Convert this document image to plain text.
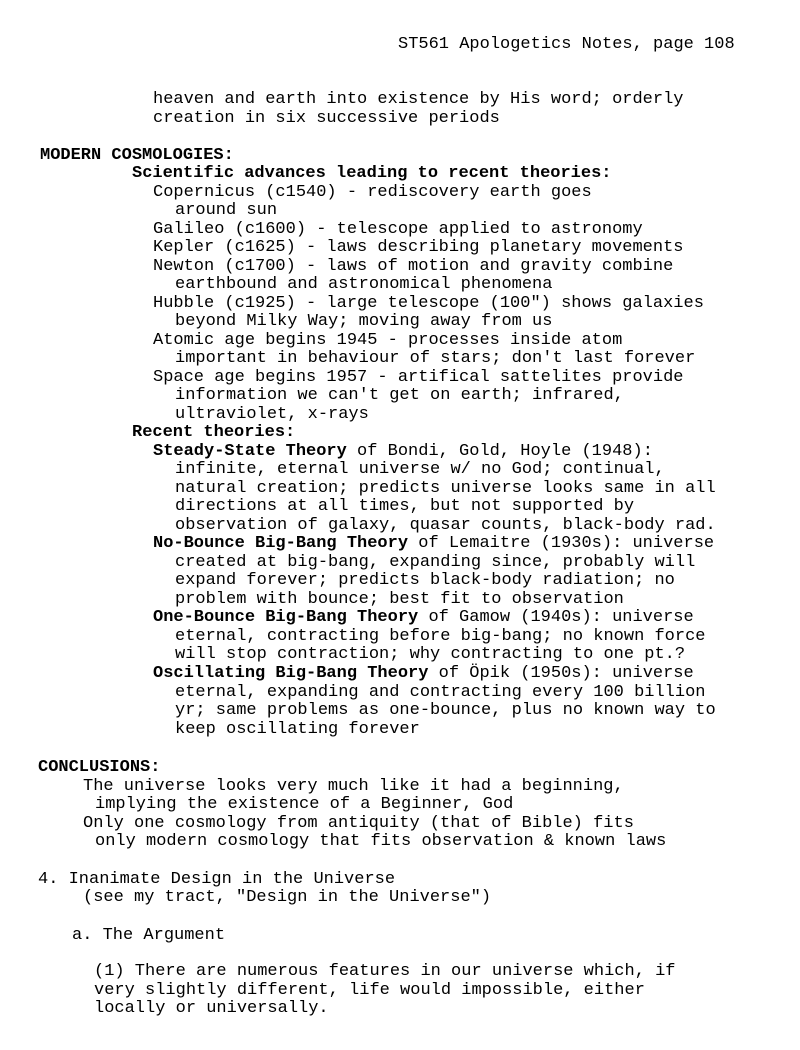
ST561 Apologetics Notes, page 108
heaven and earth into existence by His word; orderly
creation in six successive periods
MODERN COSMOLOGIES:
Scientific advances leading to recent theories:
Copernicus (c1540) - rediscovery earth goes
around sun
Galileo (c1600) - telescope applied to astronomy
Kepler (c1625) - laws describing planetary movements
Newton (c1700) - laws of motion and gravity combine
earthbound and astronomical phenomena
Hubble (c1925) - large telescope (100") shows galaxies
beyond Milky Way; moving away from us
Atomic age begins 1945 - processes inside atom
important in behaviour of stars; don't last forever
Space age begins 1957 - artifical sattelites provide
information we can't get on earth; infrared,
ultraviolet, x-rays
Recent theories:
Steady-State Theory of Bondi, Gold, Hoyle (1948):
infinite, eternal universe w/ no God; continual,
natural creation; predicts universe looks same in all
directions at all times, but not supported by
observation of galaxy, quasar counts, black-body rad.
No-Bounce Big-Bang Theory of Lemaitre (1930s): universe
created at big-bang, expanding since, probably will
expand forever; predicts black-body radiation; no
problem with bounce; best fit to observation
One-Bounce Big-Bang Theory of Gamow (1940s): universe
eternal, contracting before big-bang; no known force
will stop contraction; why contracting to one pt.?
Oscillating Big-Bang Theory of Öpik (1950s): universe
eternal, expanding and contracting every 100 billion
yr; same problems as one-bounce, plus no known way to
keep oscillating forever
CONCLUSIONS:
The universe looks very much like it had a beginning,
implying the existence of a Beginner, God
Only one cosmology from antiquity (that of Bible) fits
only modern cosmology that fits observation & known laws
4. Inanimate Design in the Universe
(see my tract, "Design in the Universe")
a. The Argument
(1) There are numerous features in our universe which, if
very slightly different, life would impossible, either
locally or universally.
